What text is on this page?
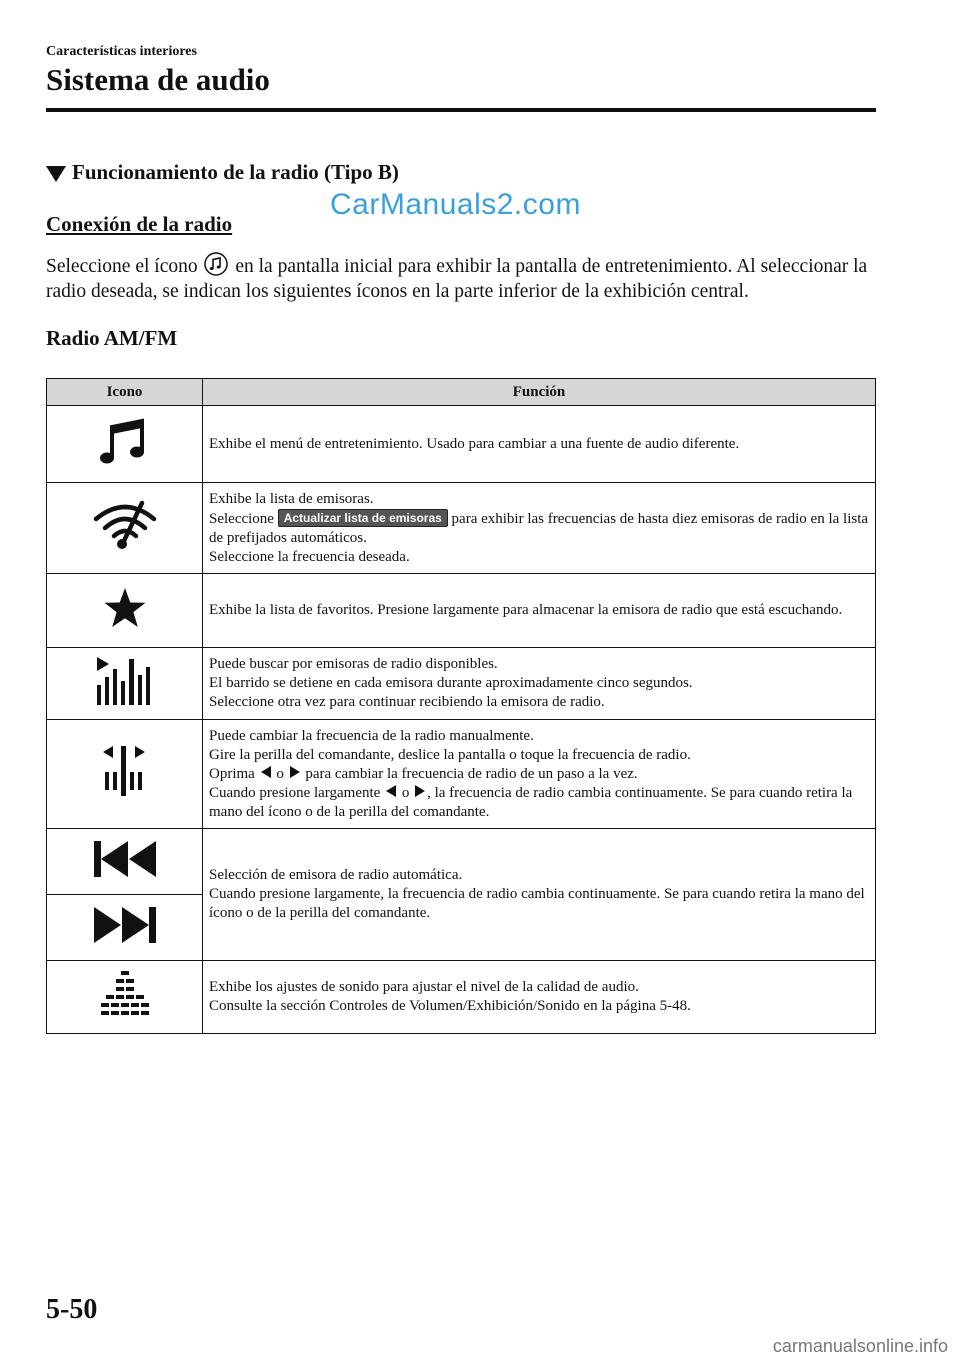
Características interiores
Sistema de audio
Funcionamiento de la radio (Tipo B)
CarManuals2.com
Conexión de la radio
Seleccione el ícono  en la pantalla inicial para exhibir la pantalla de entretenimiento. Al seleccionar la radio deseada, se indican los siguientes íconos en la parte inferior de la exhibición central.
Radio AM/FM
Icono	Función
	Exhibe el menú de entretenimiento. Usado para cambiar a una fuente de audio diferente.

Exhibe la lista de emisoras.
Seleccione Actualizar lista de emisoras para exhibir las frecuencias de hasta diez emisoras de radio en la lista de prefijados automáticos.
Seleccione la frecuencia deseada.

	Exhibe la lista de favoritos. Presione largamente para almacenar la emisora de radio que está escuchando.

Puede buscar por emisoras de radio disponibles.
El barrido se detiene en cada emisora durante aproximadamente cinco segundos.
Seleccione otra vez para continuar recibiendo la emisora de radio.

Puede cambiar la frecuencia de la radio manualmente.
Gire la perilla del comandante, deslice la pantalla o toque la frecuencia de radio.
Oprima  o  para cambiar la frecuencia de radio de un paso a la vez.
Cuando presione largamente  o , la frecuencia de radio cambia continuamente. Se para cuando retira la mano del ícono o de la perilla del comandante.

Selección de emisora de radio automática.
Cuando presione largamente, la frecuencia de radio cambia continuamente. Se para cuando retira la mano del ícono o de la perilla del comandante.

Exhibe los ajustes de sonido para ajustar el nivel de la calidad de audio.
Consulte la sección Controles de Volumen/Exhibición/Sonido en la página 5-48.
5-50
carmanualsonline.info
